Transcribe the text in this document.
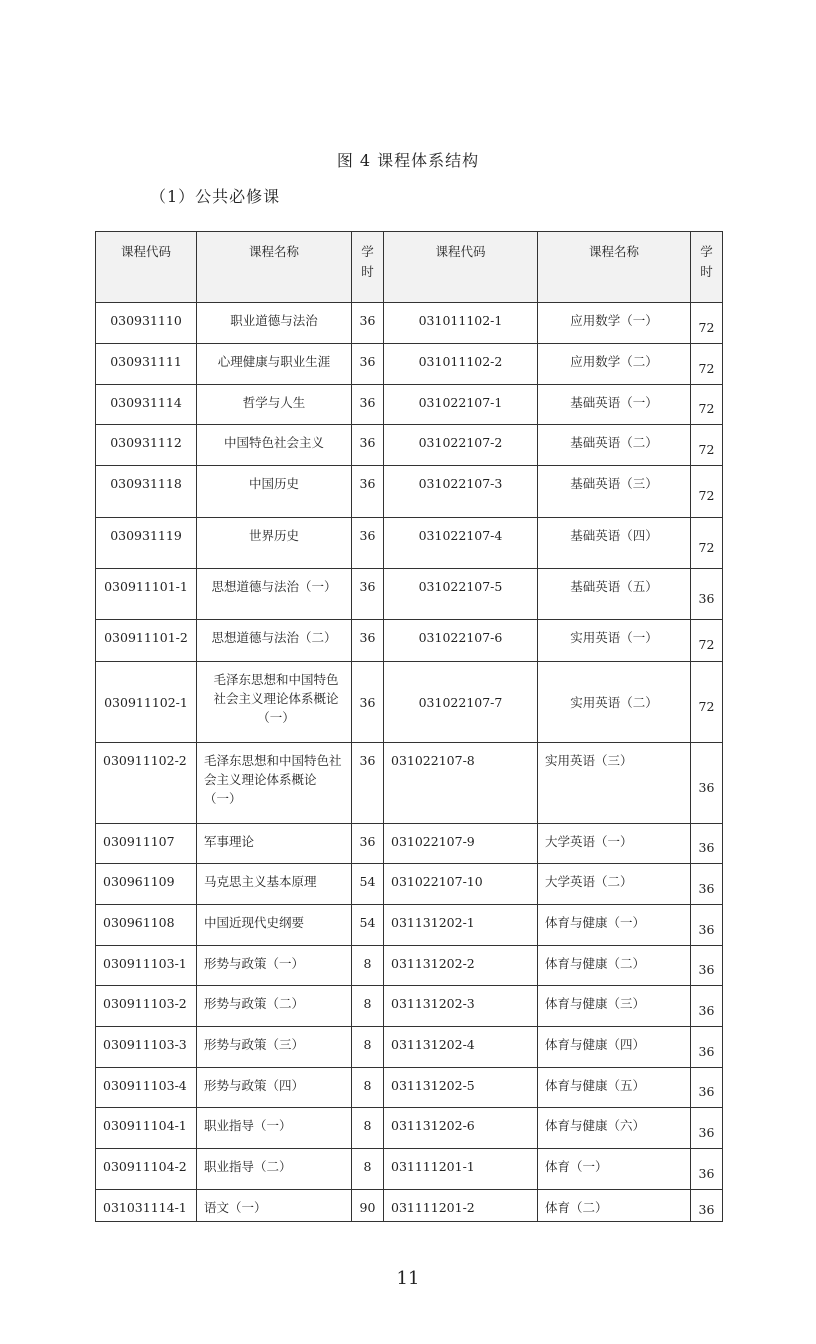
图 4 课程体系结构
（1）公共必修课
课程代码	课程名称	学时	课程代码	课程名称	学时
030931110	职业道德与法治	36	031011102-1	应用数学（一）	72
030931111	心理健康与职业生涯	36	031011102-2	应用数学（二）	72
030931114	哲学与人生	36	031022107-1	基础英语（一）	72
030931112	中国特色社会主义	36	031022107-2	基础英语（二）	72
030931118	中国历史	36	031022107-3	基础英语（三）	72
030931119	世界历史	36	031022107-4	基础英语（四）	72
030911101-1	思想道德与法治（一）	36	031022107-5	基础英语（五）	36
030911101-2	思想道德与法治（二）	36	031022107-6	实用英语（一）	72
030911102-1	毛泽东思想和中国特色社会主义理论体系概论（一）	36	031022107-7	实用英语（二）	72
030911102-2	毛泽东思想和中国特色社会主义理论体系概论（一）	36	031022107-8	实用英语（三）	36
030911107	军事理论	36	031022107-9	大学英语（一）	36
030961109	马克思主义基本原理	54	031022107-10	大学英语（二）	36
030961108	中国近现代史纲要	54	031131202-1	体育与健康（一）	36
030911103-1	形势与政策（一）	8	031131202-2	体育与健康（二）	36
030911103-2	形势与政策（二）	8	031131202-3	体育与健康（三）	36
030911103-3	形势与政策（三）	8	031131202-4	体育与健康（四）	36
030911103-4	形势与政策（四）	8	031131202-5	体育与健康（五）	36
030911104-1	职业指导（一）	8	031131202-6	体育与健康（六）	36
030911104-2	职业指导（二）	8	031111201-1	体育（一）	36
031031114-1	语文（一）	90	031111201-2	体育（二）	36
11
